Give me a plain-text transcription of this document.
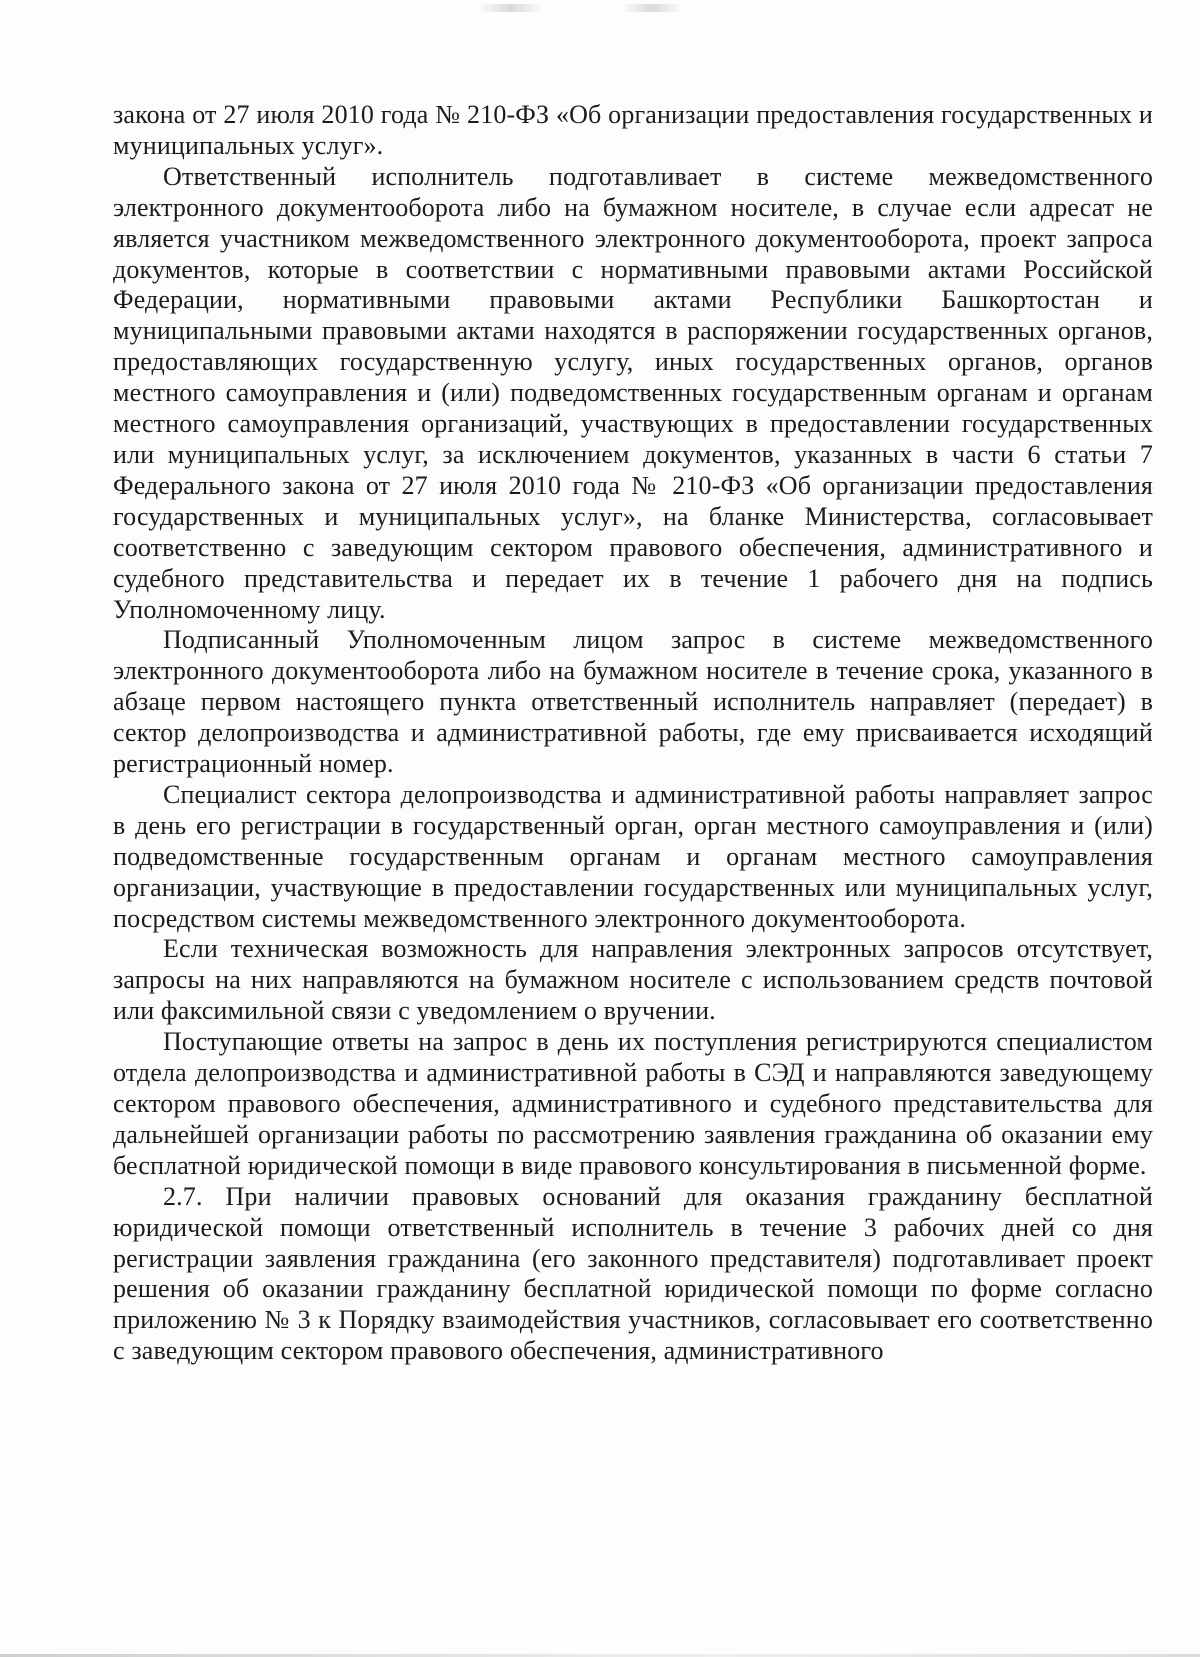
закона от 27 июля 2010 года № 210-ФЗ «Об организации предоставления государственных и муниципальных услуг».

Ответственный исполнитель подготавливает в системе межведомственного электронного документооборота либо на бумажном носителе, в случае если адресат не является участником межведомственного электронного документооборота, проект запроса документов, которые в соответствии с нормативными правовыми актами Российской Федерации, нормативными правовыми актами Республики Башкортостан и муниципальными правовыми актами находятся в распоряжении государственных органов, предоставляющих государственную услугу, иных государственных органов, органов местного самоуправления и (или) подведомственных государственным органам и органам местного самоуправления организаций, участвующих в предоставлении государственных или муниципальных услуг, за исключением документов, указанных в части 6 статьи 7 Федерального закона от 27 июля 2010 года № 210-ФЗ «Об организации предоставления государственных и муниципальных услуг», на бланке Министерства, согласовывает соответственно с заведующим сектором правового обеспечения, административного и судебного представительства и передает их в течение 1 рабочего дня на подпись Уполномоченному лицу.

Подписанный Уполномоченным лицом запрос в системе межведомственного электронного документооборота либо на бумажном носителе в течение срока, указанного в абзаце первом настоящего пункта ответственный исполнитель направляет (передает) в сектор делопроизводства и административной работы, где ему присваивается исходящий регистрационный номер.

Специалист сектора делопроизводства и административной работы направляет запрос в день его регистрации в государственный орган, орган местного самоуправления и (или) подведомственные государственным органам и органам местного самоуправления организации, участвующие в предоставлении государственных или муниципальных услуг, посредством системы межведомственного электронного документооборота.

Если техническая возможность для направления электронных запросов отсутствует, запросы на них направляются на бумажном носителе с использованием средств почтовой или факсимильной связи с уведомлением о вручении.

Поступающие ответы на запрос в день их поступления регистрируются специалистом отдела делопроизводства и административной работы в СЭД и направляются заведующему сектором правового обеспечения, административного и судебного представительства для дальнейшей организации работы по рассмотрению заявления гражданина об оказании ему бесплатной юридической помощи в виде правового консультирования в письменной форме.

2.7. При наличии правовых оснований для оказания гражданину бесплатной юридической помощи ответственный исполнитель в течение 3 рабочих дней со дня регистрации заявления гражданина (его законного представителя) подготавливает проект решения об оказании гражданину бесплатной юридической помощи по форме согласно приложению № 3 к Порядку взаимодействия участников, согласовывает его соответственно с заведующим сектором правового обеспечения, административного
